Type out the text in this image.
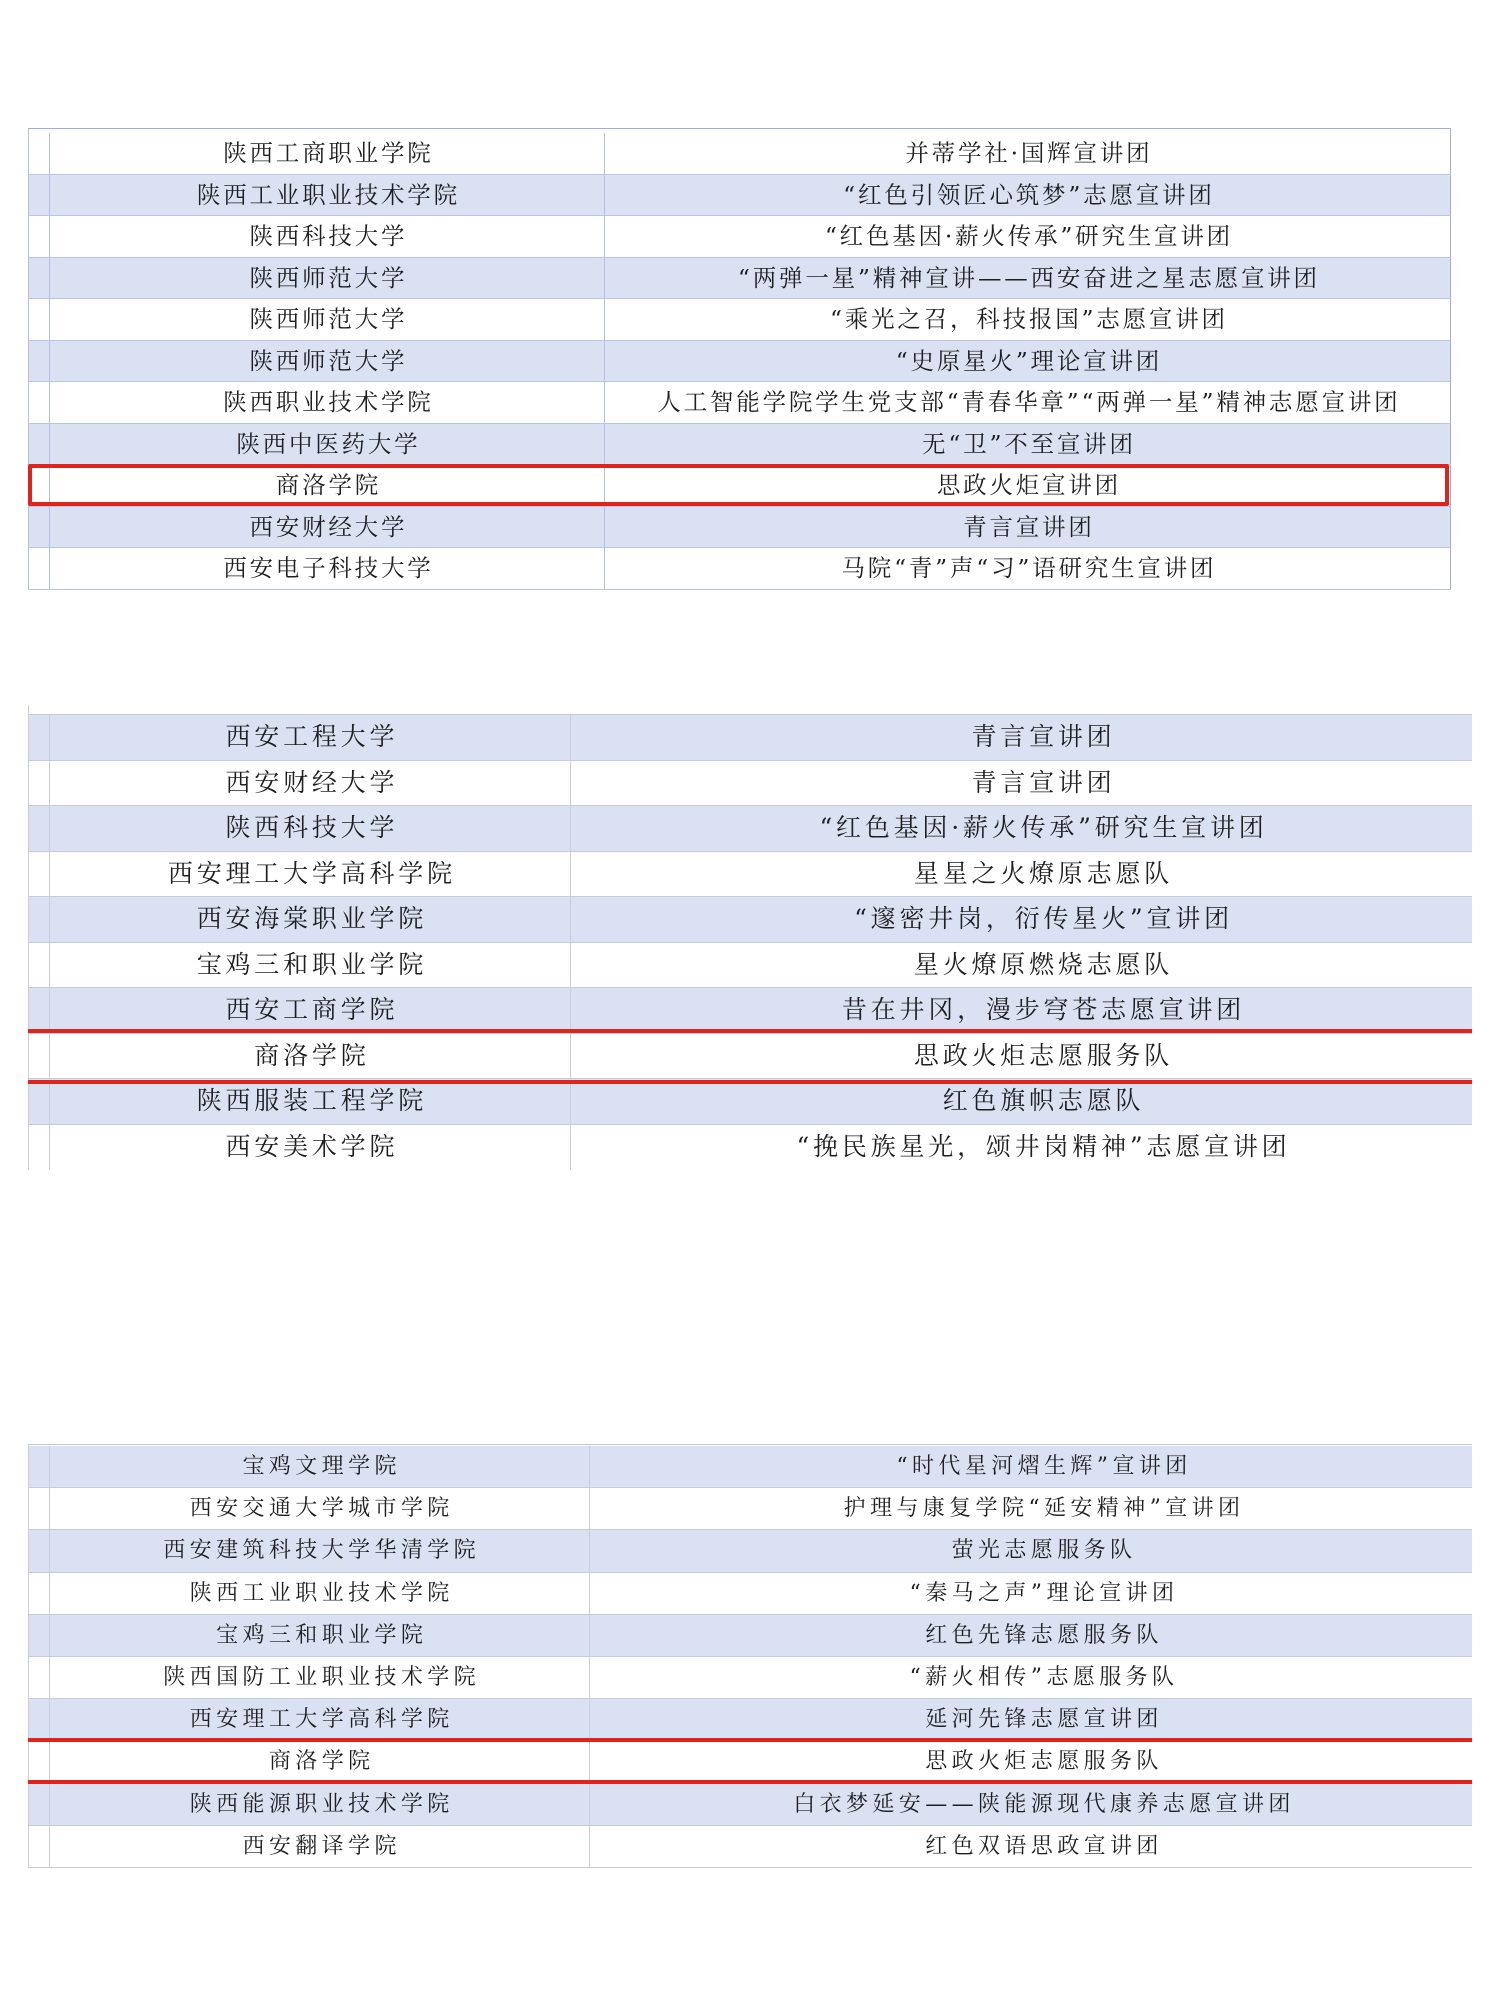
陕西工商职业学院	并蒂学社·国辉宣讲团
陕西工业职业技术学院	“红色引领匠心筑梦”志愿宣讲团
陕西科技大学	“红色基因·薪火传承”研究生宣讲团
陕西师范大学	“两弹一星”精神宣讲——西安奋进之星志愿宣讲团
陕西师范大学	“乘光之召，科技报国”志愿宣讲团
陕西师范大学	“史原星火”理论宣讲团
陕西职业技术学院	人工智能学院学生党支部“青春华章”“两弹一星”精神志愿宣讲团
陕西中医药大学	无“卫”不至宣讲团
商洛学院	思政火炬宣讲团
西安财经大学	青言宣讲团
西安电子科技大学	马院“青”声“习”语研究生宣讲团
西安工程大学	青言宣讲团
西安财经大学	青言宣讲团
陕西科技大学	“红色基因·薪火传承”研究生宣讲团
西安理工大学高科学院	星星之火燎原志愿队
西安海棠职业学院	“邃密井岗，衍传星火”宣讲团
宝鸡三和职业学院	星火燎原燃烧志愿队
西安工商学院	昔在井冈，漫步穹苍志愿宣讲团
商洛学院	思政火炬志愿服务队
陕西服装工程学院	红色旗帜志愿队
西安美术学院	“挽民族星光，颂井岗精神”志愿宣讲团
宝鸡文理学院	“时代星河熠生辉”宣讲团
西安交通大学城市学院	护理与康复学院“延安精神”宣讲团
西安建筑科技大学华清学院	萤光志愿服务队
陕西工业职业技术学院	“秦马之声”理论宣讲团
宝鸡三和职业学院	红色先锋志愿服务队
陕西国防工业职业技术学院	“薪火相传”志愿服务队
西安理工大学高科学院	延河先锋志愿宣讲团
商洛学院	思政火炬志愿服务队
陕西能源职业技术学院	白衣梦延安——陕能源现代康养志愿宣讲团
西安翻译学院	红色双语思政宣讲团
